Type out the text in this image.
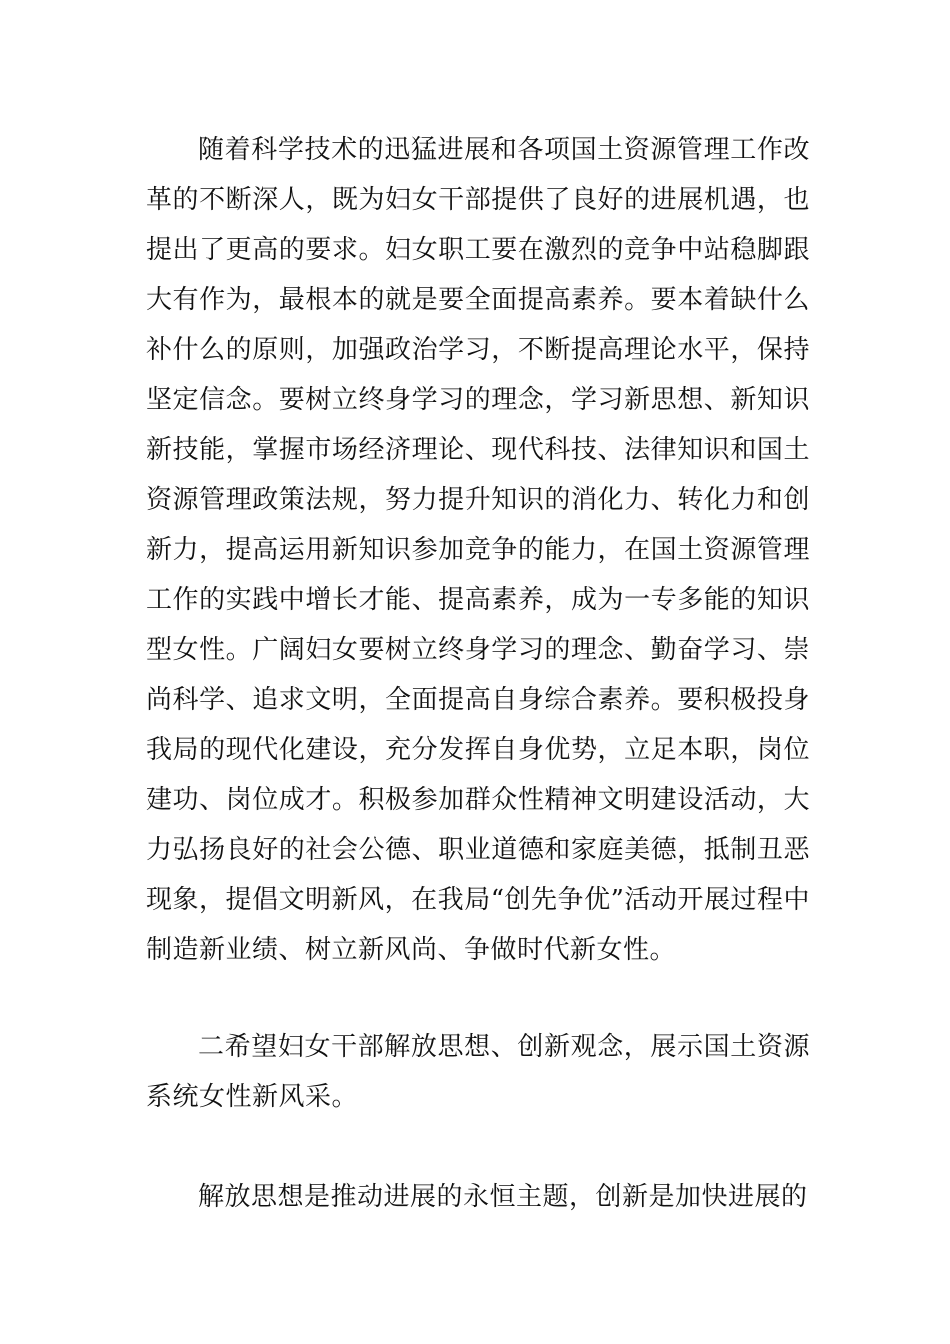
随着科学技术的迅猛进展和各项国土资源管理工作改革的不断深人，既为妇女干部提供了良好的进展机遇，也提出了更高的要求。妇女职工要在激烈的竞争中站稳脚跟大有作为，最根本的就是要全面提高素养。要本着缺什么补什么的原则，加强政治学习，不断提高理论水平，保持坚定信念。要树立终身学习的理念，学习新思想、新知识新技能，掌握市场经济理论、现代科技、法律知识和国土资源管理政策法规，努力提升知识的消化力、转化力和创新力，提高运用新知识参加竞争的能力，在国土资源管理工作的实践中增长才能、提高素养，成为一专多能的知识型女性。广阔妇女要树立终身学习的理念、勤奋学习、崇尚科学、追求文明，全面提高自身综合素养。要积极投身我局的现代化建设，充分发挥自身优势，立足本职，岗位建功、岗位成才。积极参加群众性精神文明建设活动，大力弘扬良好的社会公德、职业道德和家庭美德，抵制丑恶现象，提倡文明新风，在我局“创先争优”活动开展过程中制造新业绩、树立新风尚、争做时代新女性。

二希望妇女干部解放思想、创新观念，展示国土资源系统女性新风采。

解放思想是推动进展的永恒主题，创新是加快进展的
